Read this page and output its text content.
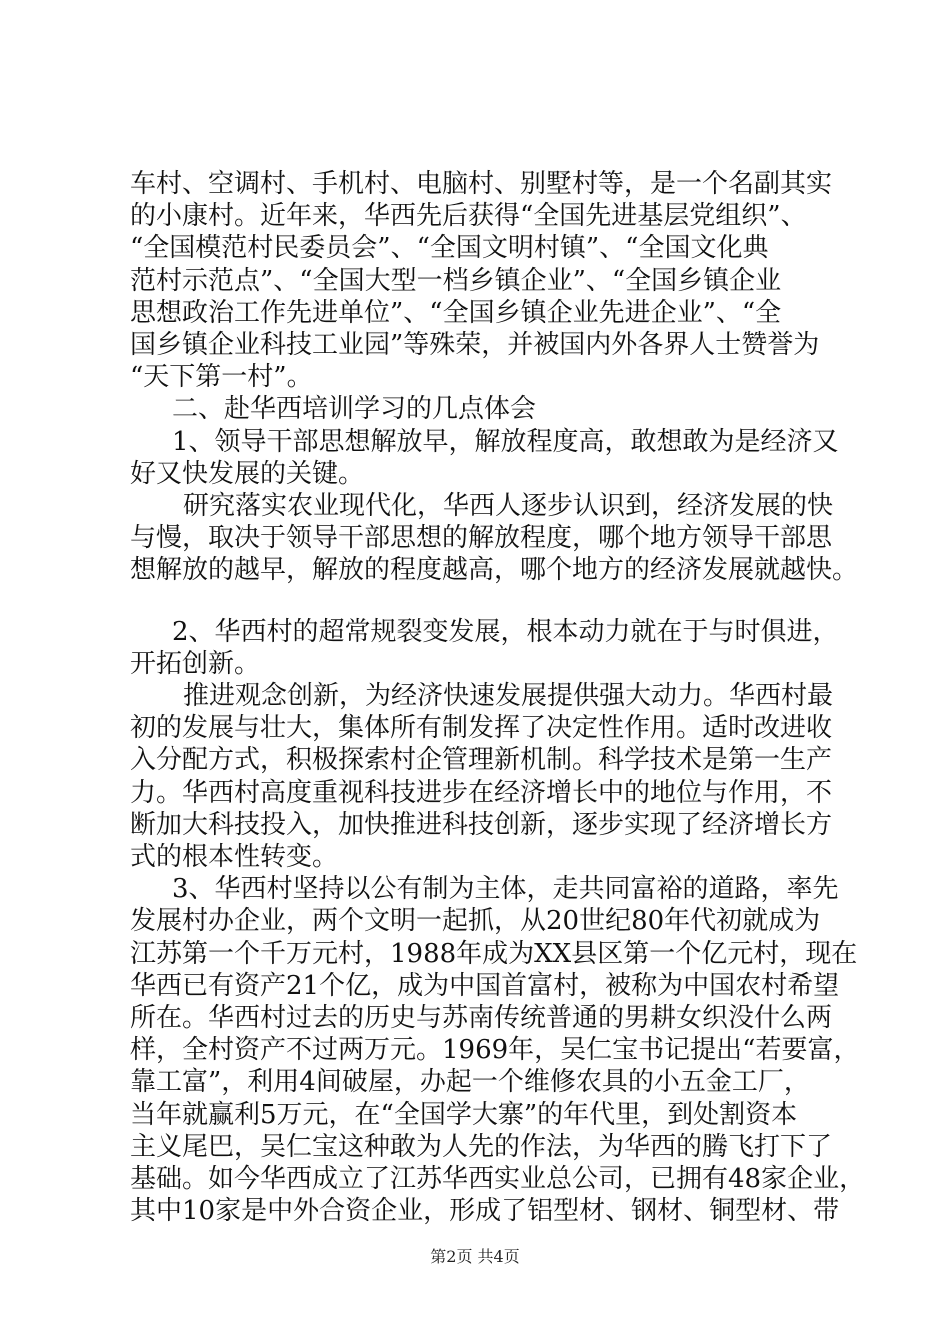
车村、空调村、手机村、电脑村、别墅村等，是一个名副其实
的小康村。近年来，华西先后获得“全国先进基层党组织”、
“全国模范村民委员会”、“全国文明村镇”、“全国文化典
范村示范点”、“全国大型一档乡镇企业”、“全国乡镇企业
思想政治工作先进单位”、“全国乡镇企业先进企业”、“全
国乡镇企业科技工业园”等殊荣，并被国内外各界人士赞誉为
“天下第一村”。
二、赴华西培训学习的几点体会
1、领导干部思想解放早，解放程度高，敢想敢为是经济又
好又快发展的关键。
研究落实农业现代化，华西人逐步认识到，经济发展的快
与慢，取决于领导干部思想的解放程度，哪个地方领导干部思
想解放的越早，解放的程度越高，哪个地方的经济发展就越快。
2、华西村的超常规裂变发展，根本动力就在于与时俱进，
开拓创新。
推进观念创新，为经济快速发展提供强大动力。华西村最
初的发展与壮大，集体所有制发挥了决定性作用。适时改进收
入分配方式，积极探索村企管理新机制。科学技术是第一生产
力。华西村高度重视科技进步在经济增长中的地位与作用，不
断加大科技投入，加快推进科技创新，逐步实现了经济增长方
式的根本性转变。
3、华西村坚持以公有制为主体，走共同富裕的道路，率先
发展村办企业，两个文明一起抓，从20世纪80年代初就成为
江苏第一个千万元村，1988年成为XX县区第一个亿元村，现在
华西已有资产21个亿，成为中国首富村，被称为中国农村希望
所在。华西村过去的历史与苏南传统普通的男耕女织没什么两
样，全村资产不过两万元。1969年，吴仁宝书记提出“若要富，
靠工富”，利用4间破屋，办起一个维修农具的小五金工厂，
当年就赢利5万元，在“全国学大寨”的年代里，到处割资本
主义尾巴，吴仁宝这种敢为人先的作法，为华西的腾飞打下了
基础。如今华西成立了江苏华西实业总公司，已拥有48家企业，
其中10家是中外合资企业，形成了铝型材、钢材、铜型材、带
第2页 共4页
